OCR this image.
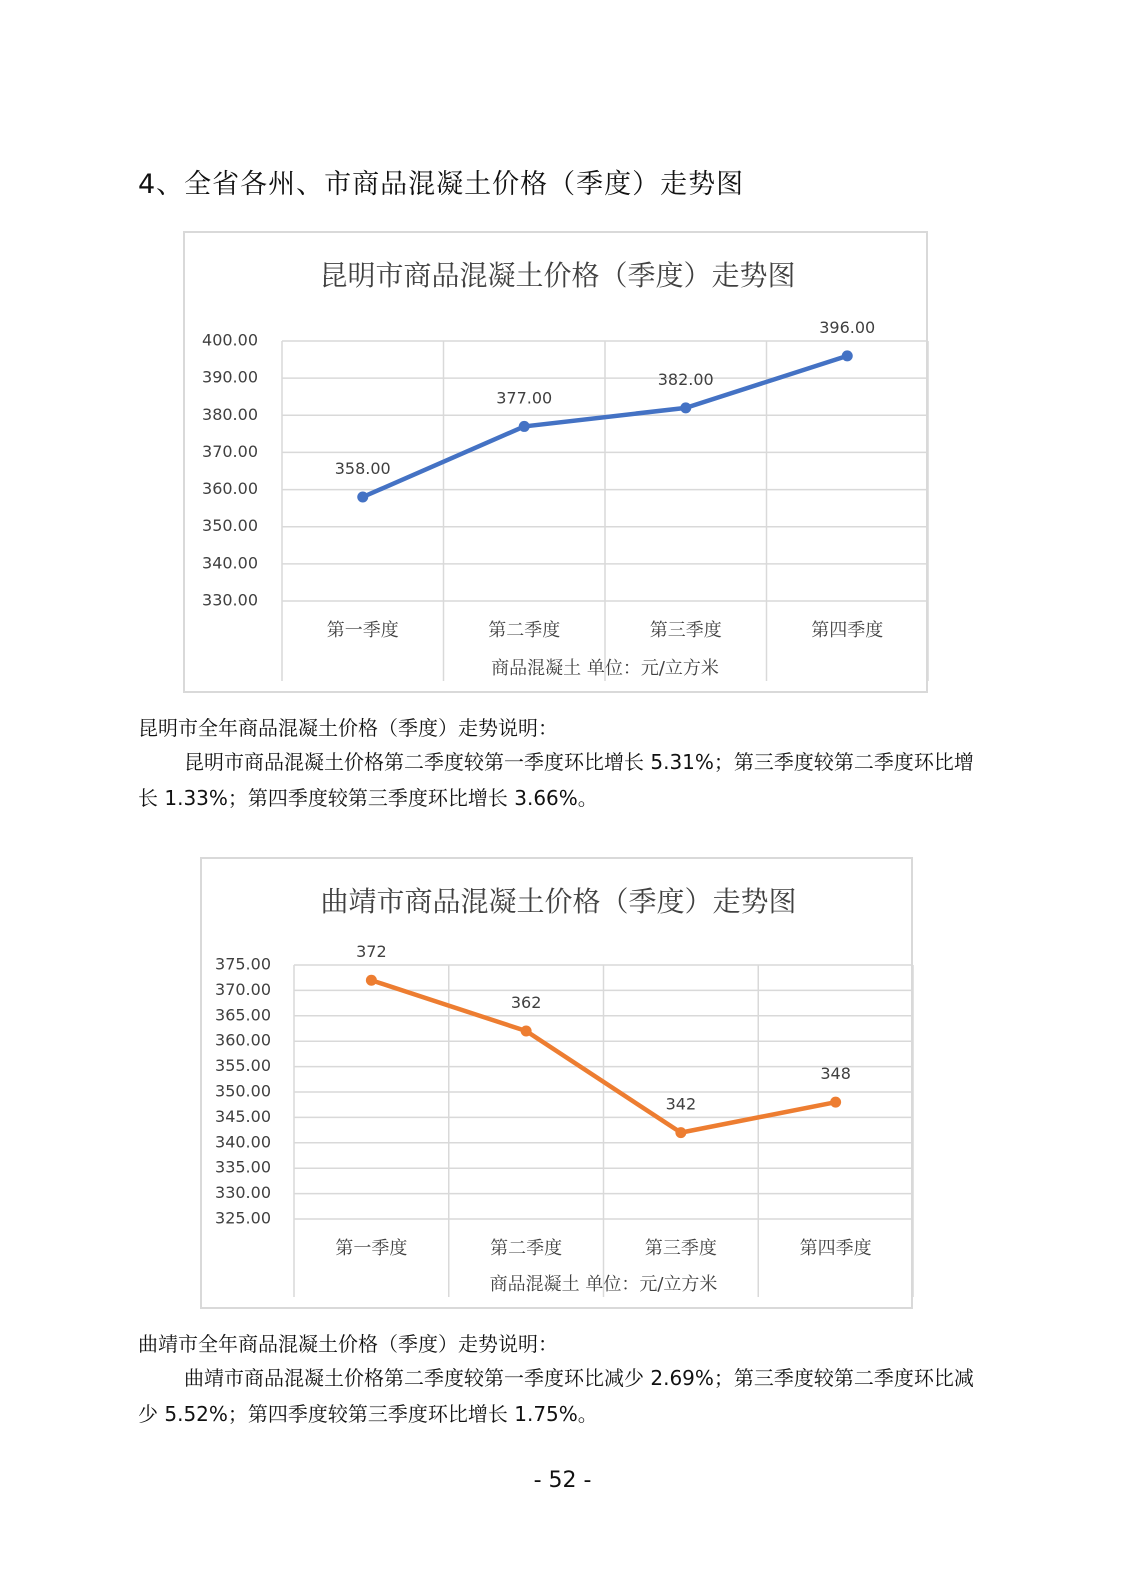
4、全省各州、市商品混凝土价格（季度）走势图
昆明市商品混凝土价格（季度）走势图
330.00
340.00
350.00
360.00
370.00
380.00
390.00
400.00
第一季度	第二季度	第三季度	第四季度
商品混凝土 单位：元/立方米
358.00
377.00
382.00
396.00

昆明市全年商品混凝土价格（季度）走势说明：

昆明市商品混凝土价格第二季度较第一季度环比增长 5.31%；第三季度较第二季度环比增长 1.33%；第四季度较第三季度环比增长 3.66%。

曲靖市商品混凝土价格（季度）走势图
325.00
330.00
335.00
340.00
345.00
350.00
355.00
360.00
365.00
370.00
375.00
第一季度	第二季度	第三季度	第四季度
商品混凝土 单位：元/立方米
372
362
342
348

曲靖市全年商品混凝土价格（季度）走势说明：

曲靖市商品混凝土价格第二季度较第一季度环比减少 2.69%；第三季度较第二季度环比减少 5.52%；第四季度较第三季度环比增长 1.75%。

- 52 -
